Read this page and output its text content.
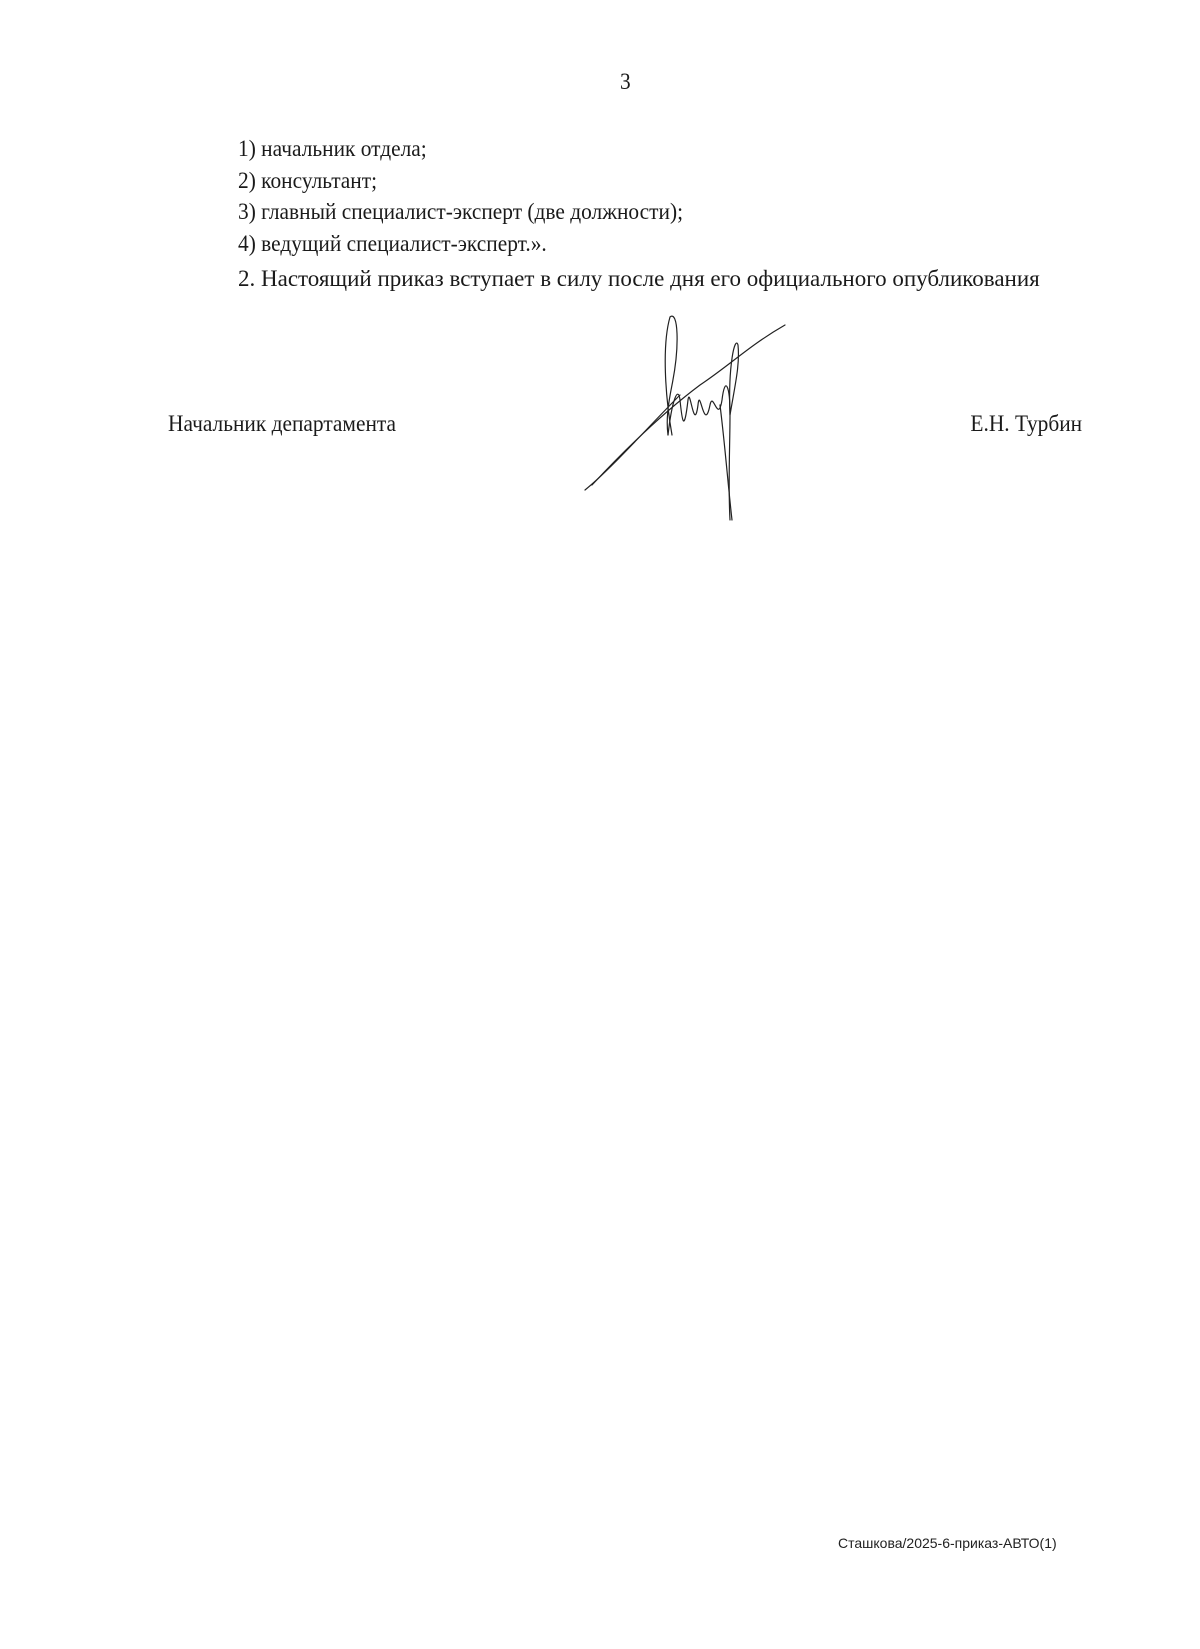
3
1) начальник отдела;
2) консультант;
3) главный специалист-эксперт (две должности);
4) ведущий специалист-эксперт.».
2. Настоящий приказ вступает в силу после дня его официального опубликования
Начальник департамента	Е.Н. Турбин
Сташкова/2025-6-приказ-АВТО(1)
